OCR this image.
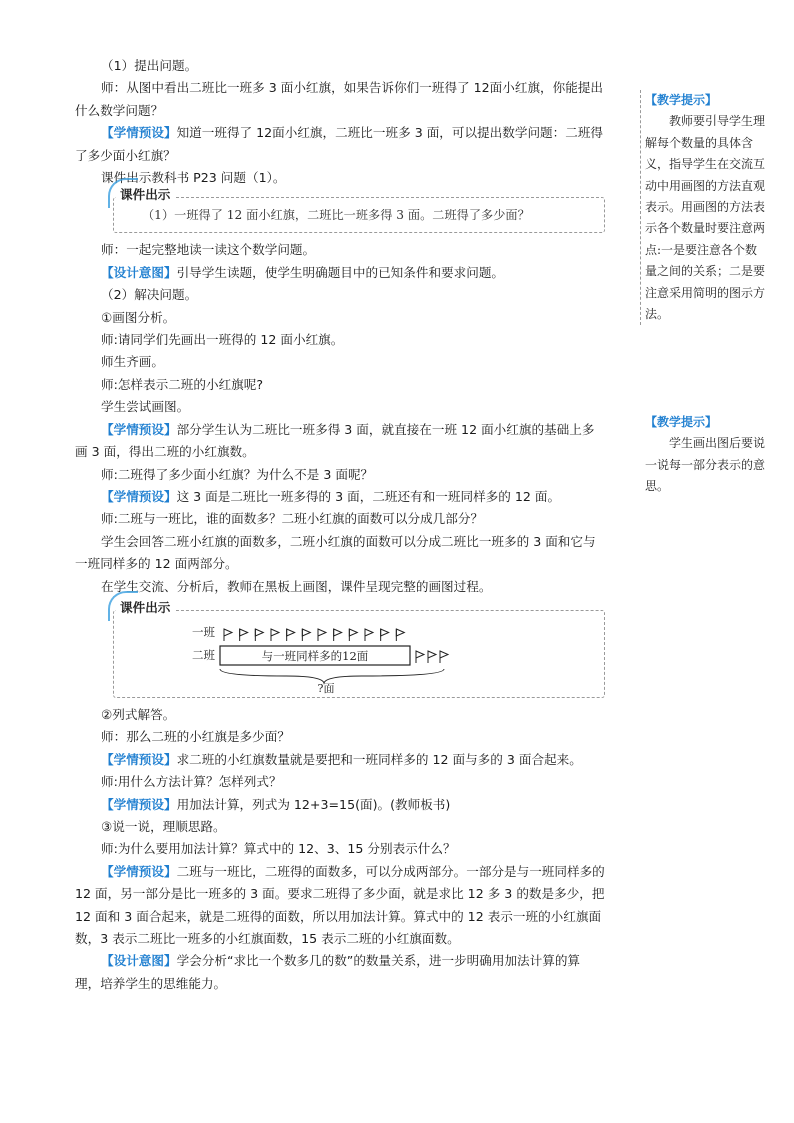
（1）提出问题。

师：从图中看出二班比一班多 3 面小红旗，如果告诉你们一班得了 12面小红旗，你能提出什么数学问题？

【学情预设】知道一班得了 12面小红旗，二班比一班多 3 面，可以提出数学问题：二班得了多少面小红旗？

课件出示教科书 P23 问题（1）。

课件出示
（1）一班得了 12 面小红旗，二班比一班多得 3 面。二班得了多少面？

师：一起完整地读一读这个数学问题。

【设计意图】引导学生读题，使学生明确题目中的已知条件和要求问题。

（2）解决问题。

①画图分析。

师:请同学们先画出一班得的 12 面小红旗。

师生齐画。

师:怎样表示二班的小红旗呢?

学生尝试画图。

【学情预设】部分学生认为二班比一班多得 3 面，就直接在一班 12 面小红旗的基础上多画 3 面，得出二班的小红旗数。

师:二班得了多少面小红旗？为什么不是 3 面呢？

【学情预设】这 3 面是二班比一班多得的 3 面，二班还有和一班同样多的 12 面。

师:二班与一班比，谁的面数多？二班小红旗的面数可以分成几部分？

学生会回答二班小红旗的面数多，二班小红旗的面数可以分成二班比一班多的 3 面和它与一班同样多的 12 面两部分。

在学生交流、分析后，教师在黑板上画图，课件呈现完整的画图过程。

课件出示
一班
二班	与一班同样多的12面
?面

②列式解答。

师：那么二班的小红旗是多少面？

【学情预设】求二班的小红旗数量就是要把和一班同样多的 12 面与多的 3 面合起来。

师:用什么方法计算？怎样列式？

【学情预设】用加法计算，列式为 12+3=15(面)。(教师板书)

③说一说，理顺思路。

师:为什么要用加法计算？算式中的 12、3、15 分别表示什么？

【学情预设】二班与一班比，二班得的面数多，可以分成两部分。一部分是与一班同样多的 12 面，另一部分是比一班多的 3 面。要求二班得了多少面，就是求比 12 多 3 的数是多少，把 12 面和 3 面合起来，就是二班得的面数，所以用加法计算。算式中的 12 表示一班的小红旗面数，3 表示二班比一班多的小红旗面数，15 表示二班的小红旗面数。

【设计意图】学会分析“求比一个数多几的数”的数量关系，进一步明确用加法计算的算理，培养学生的思维能力。

【教学提示】
教师要引导学生理解每个数量的具体含义，指导学生在交流互动中用画图的方法直观表示。用画图的方法表示各个数量时要注意两点:一是要注意各个数量之间的关系；二是要注意采用简明的图示方法。
【教学提示】
学生画出图后要说一说每一部分表示的意思。
